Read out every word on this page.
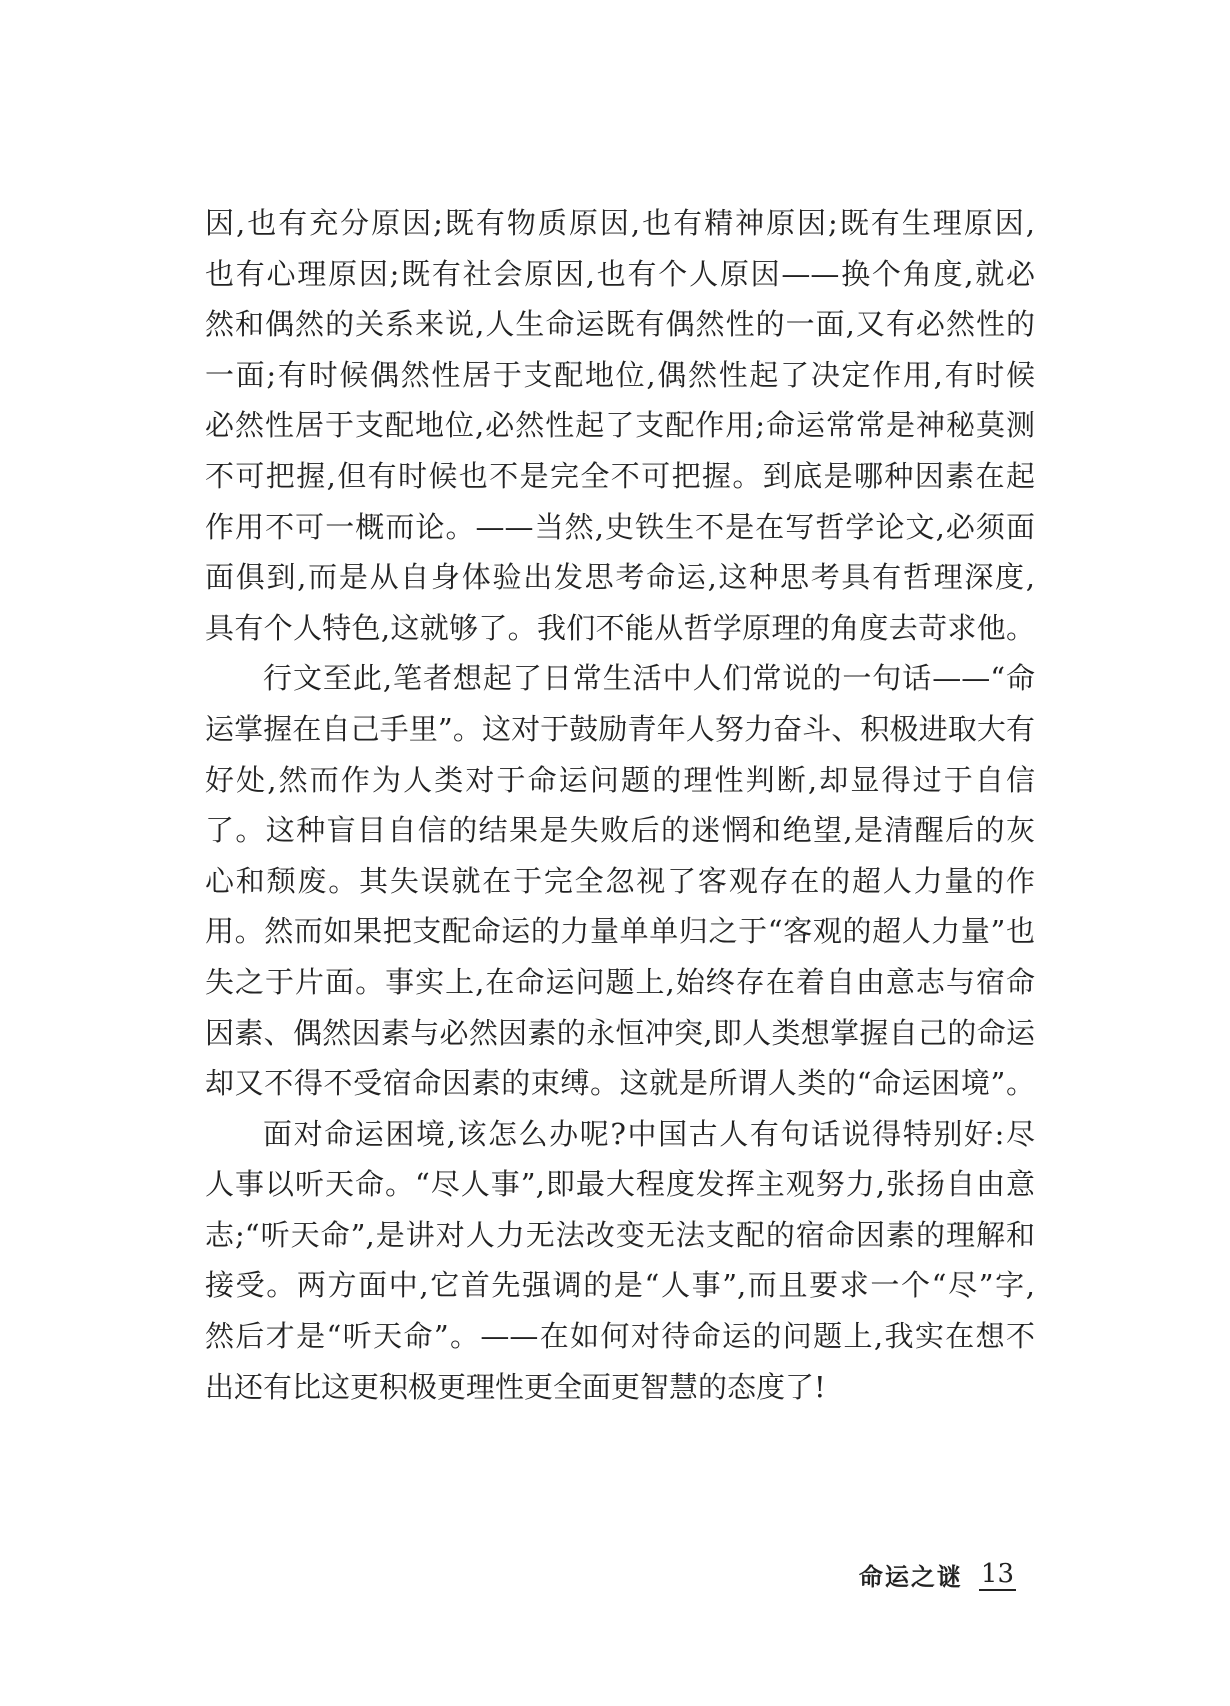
因,也有充分原因;既有物质原因,也有精神原因;既有生理原因,
也有心理原因;既有社会原因,也有个人原因——换个角度,就必
然和偶然的关系来说,人生命运既有偶然性的一面,又有必然性的
一面;有时候偶然性居于支配地位,偶然性起了决定作用,有时候
必然性居于支配地位,必然性起了支配作用;命运常常是神秘莫测
不可把握,但有时候也不是完全不可把握。到底是哪种因素在起
作用不可一概而论。——当然,史铁生不是在写哲学论文,必须面
面俱到,而是从自身体验出发思考命运,这种思考具有哲理深度,
具有个人特色,这就够了。我们不能从哲学原理的角度去苛求他。
行文至此,笔者想起了日常生活中人们常说的一句话——“命
运掌握在自己手里”。这对于鼓励青年人努力奋斗、积极进取大有
好处,然而作为人类对于命运问题的理性判断,却显得过于自信
了。这种盲目自信的结果是失败后的迷惘和绝望,是清醒后的灰
心和颓废。其失误就在于完全忽视了客观存在的超人力量的作
用。然而如果把支配命运的力量单单归之于“客观的超人力量”也
失之于片面。事实上,在命运问题上,始终存在着自由意志与宿命
因素、偶然因素与必然因素的永恒冲突,即人类想掌握自己的命运
却又不得不受宿命因素的束缚。这就是所谓人类的“命运困境”。
面对命运困境,该怎么办呢?中国古人有句话说得特别好:尽
人事以听天命。“尽人事”,即最大程度发挥主观努力,张扬自由意
志;“听天命”,是讲对人力无法改变无法支配的宿命因素的理解和
接受。两方面中,它首先强调的是“人事”,而且要求一个“尽”字,
然后才是“听天命”。——在如何对待命运的问题上,我实在想不
出还有比这更积极更理性更全面更智慧的态度了!
命运之谜 13
